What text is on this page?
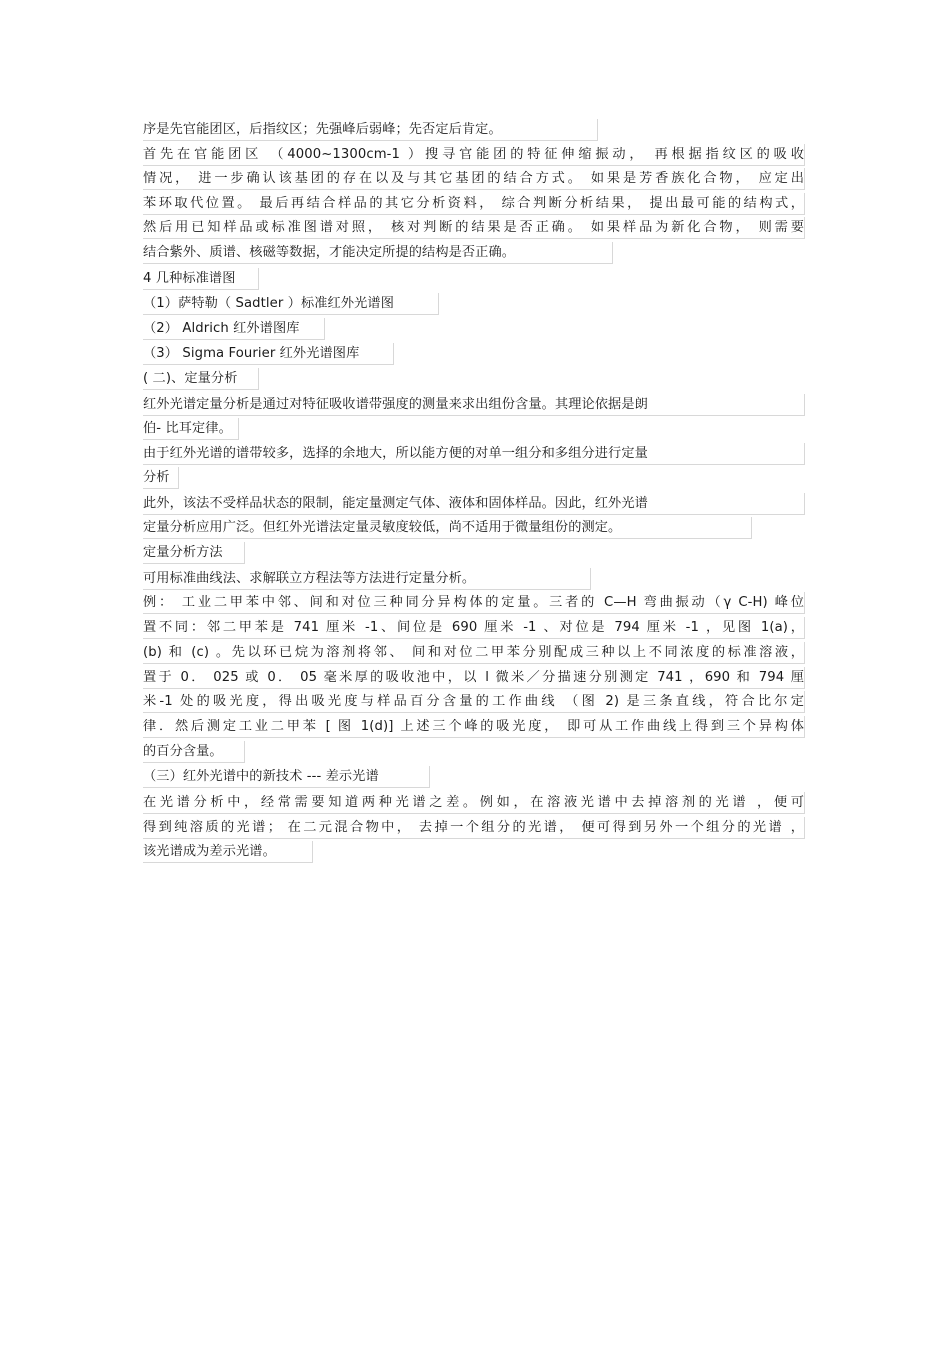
序是先官能团区，后指纹区；先强峰后弱峰；先否定后肯定。
首先在官能团区 （4000~1300cm-1 ）搜寻官能团的特征伸缩振动， 再根据指纹区的吸收
情况， 进一步确认该基团的存在以及与其它基团的结合方式。 如果是芳香族化合物， 应定出
苯环取代位置。 最后再结合样品的其它分析资料， 综合判断分析结果， 提出最可能的结构式，
然后用已知样品或标准图谱对照， 核对判断的结果是否正确。 如果样品为新化合物， 则需要
结合紫外、质谱、核磁等数据，才能决定所提的结构是否正确。
4 几种标准谱图
（1）萨特勒（ Sadtler ）标准红外光谱图
（2） Aldrich 红外谱图库
（3） Sigma Fourier 红外光谱图库
( 二)、定量分析
红外光谱定量分析是通过对特征吸收谱带强度的测量来求出组份含量。其理论依据是朗
伯- 比耳定律。
由于红外光谱的谱带较多，选择的余地大，所以能方便的对单一组分和多组分进行定量
分析
此外，该法不受样品状态的限制，能定量测定气体、液体和固体样品。因此，红外光谱
定量分析应用广泛。但红外光谱法定量灵敏度较低，尚不适用于微量组份的测定。
定量分析方法
可用标准曲线法、求解联立方程法等方法进行定量分析。
例： 工业二甲苯中邻、间和对位三种同分异构体的定量。三者的 C—H 弯曲振动（γ C-H) 峰位
置不同：邻二甲苯是 741 厘米 -1、间位是 690 厘米 -1 、对位是 794 厘米 -1 ，见图 1(a)，
(b) 和 (c) 。先以环已烷为溶剂将邻、 间和对位二甲苯分别配成三种以上不同浓度的标准溶液，
置于 0． 025 或 0． 05 毫米厚的吸收池中，以 l 微米／分描速分别测定 741 ，690 和 794 厘
米-1 处的吸光度，得出吸光度与样品百分含量的工作曲线 （图 2) 是三条直线，符合比尔定
律．然后测定工业二甲苯 [ 图 1(d)] 上述三个峰的吸光度， 即可从工作曲线上得到三个异构体
的百分含量。
（三）红外光谱中的新技术 --- 差示光谱
在光谱分析中，经常需要知道两种光谱之差。例如，在溶液光谱中去掉溶剂的光谱 ，便可
得到纯溶质的光谱； 在二元混合物中， 去掉一个组分的光谱， 便可得到另外一个组分的光谱 ，
该光谱成为差示光谱。
